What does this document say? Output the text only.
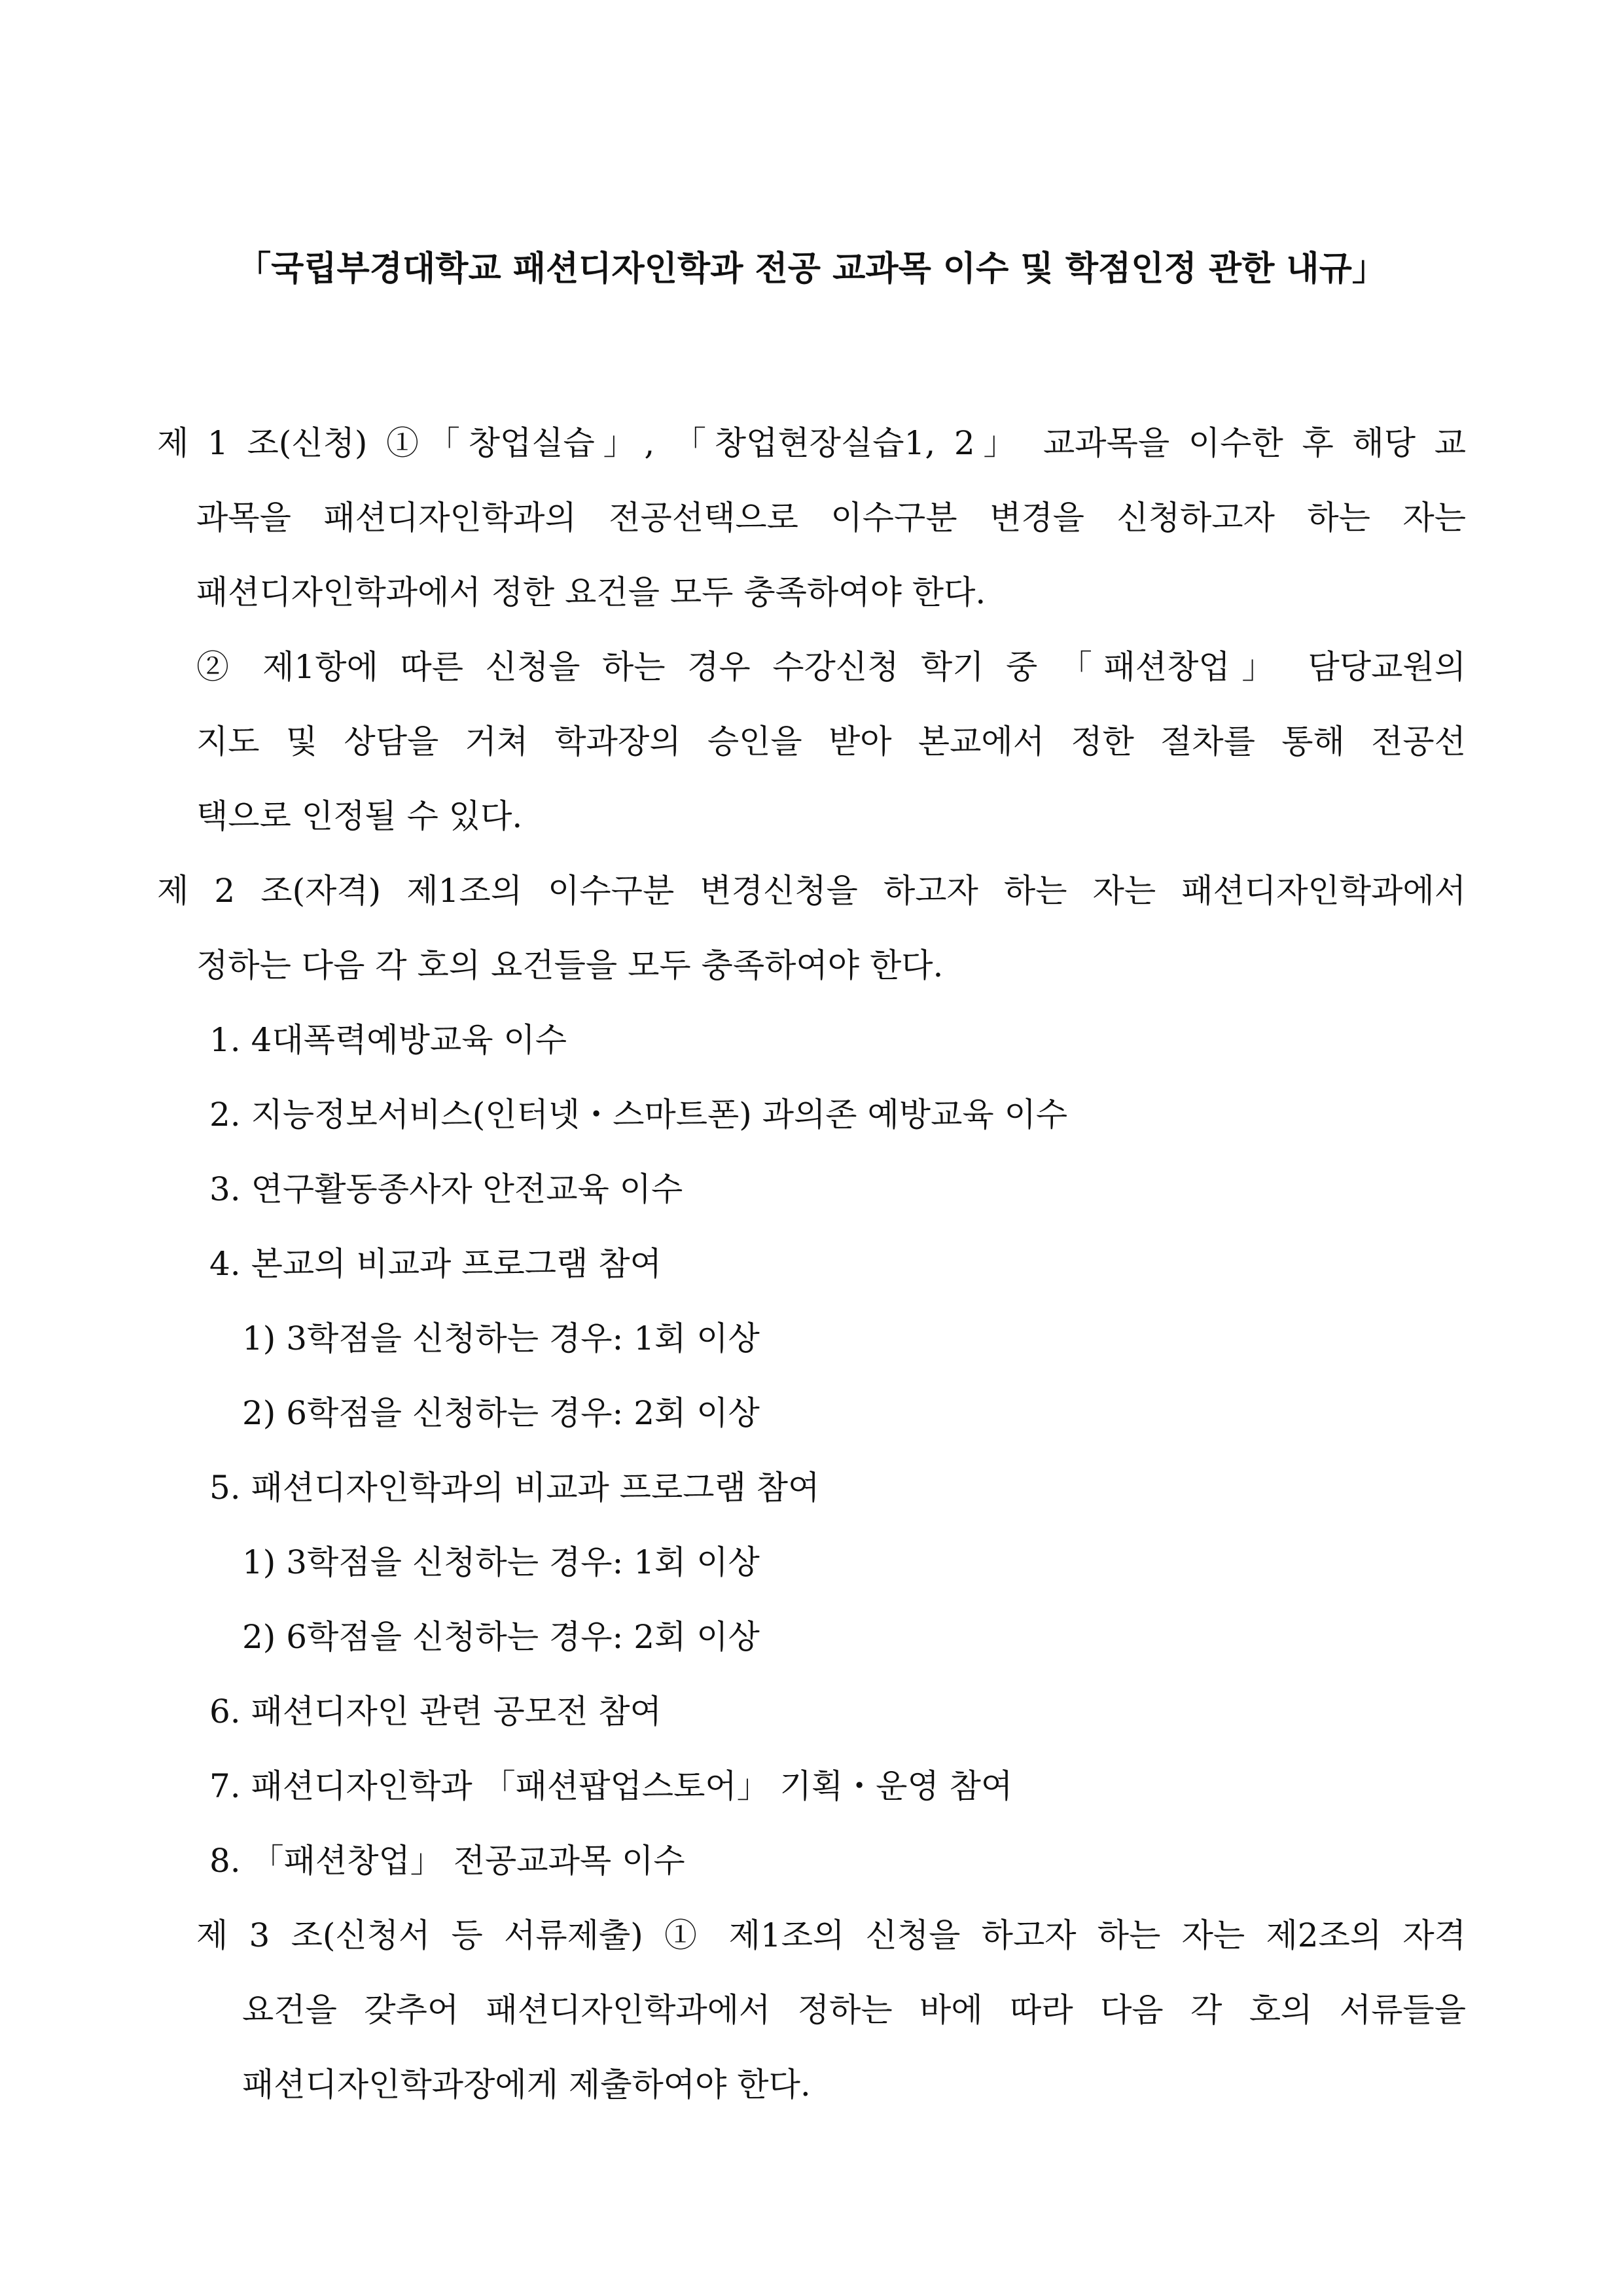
「국립부경대학교 패션디자인학과 전공 교과목 이수 및 학점인정 관한 내규」
제 1 조(신청) ①「창업실습」, 「창업현장실습1, 2」 교과목을 이수한 후 해당 교
과목을 패션디자인학과의 전공선택으로 이수구분 변경을 신청하고자 하는 자는
패션디자인학과에서 정한 요건을 모두 충족하여야 한다.
② 제1항에 따른 신청을 하는 경우 수강신청 학기 중 「패션창업」 담당교원의
지도 및 상담을 거쳐 학과장의 승인을 받아 본교에서 정한 절차를 통해 전공선
택으로 인정될 수 있다.
제 2 조(자격) 제1조의 이수구분 변경신청을 하고자 하는 자는 패션디자인학과에서
정하는 다음 각 호의 요건들을 모두 충족하여야 한다.
1. 4대폭력예방교육 이수
2. 지능정보서비스(인터넷・스마트폰) 과의존 예방교육 이수
3. 연구활동종사자 안전교육 이수
4. 본교의 비교과 프로그램 참여
1) 3학점을 신청하는 경우: 1회 이상
2) 6학점을 신청하는 경우: 2회 이상
5. 패션디자인학과의 비교과 프로그램 참여
1) 3학점을 신청하는 경우: 1회 이상
2) 6학점을 신청하는 경우: 2회 이상
6. 패션디자인 관련 공모전 참여
7. 패션디자인학과 「패션팝업스토어」 기획・운영 참여
8. 「패션창업」 전공교과목 이수
제 3 조(신청서 등 서류제출) ① 제1조의 신청을 하고자 하는 자는 제2조의 자격
요건을 갖추어 패션디자인학과에서 정하는 바에 따라 다음 각 호의 서류들을
패션디자인학과장에게 제출하여야 한다.
